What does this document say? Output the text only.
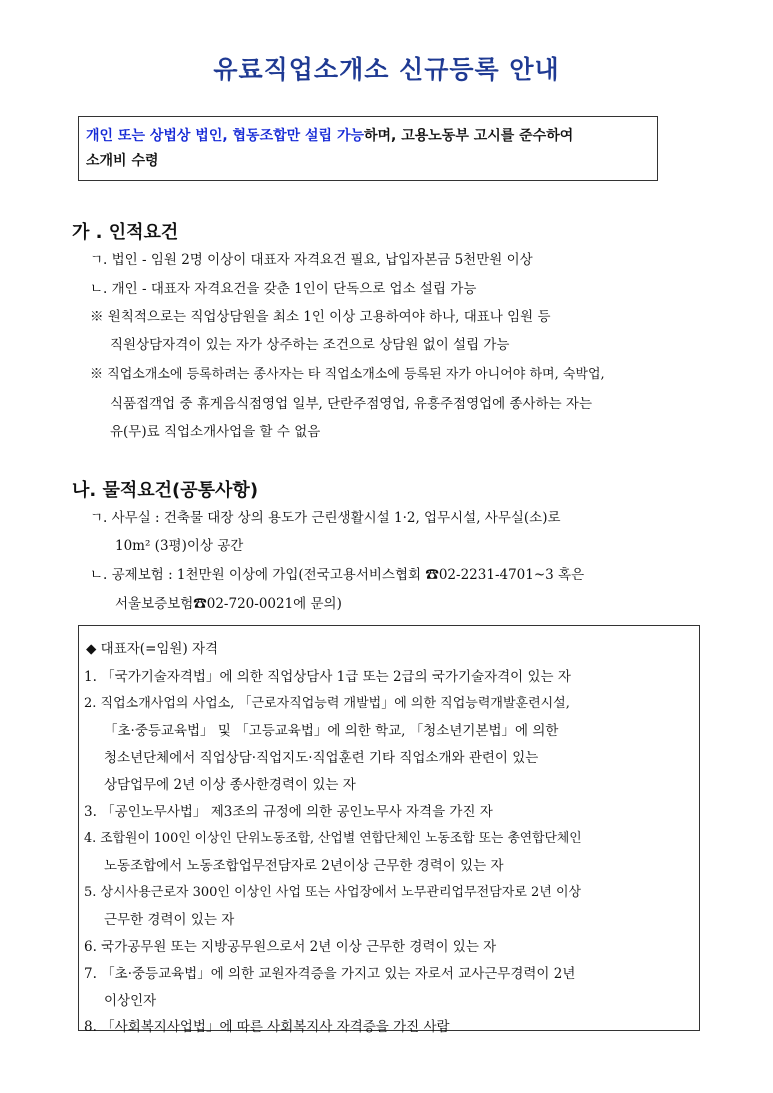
유료직업소개소 신규등록 안내
개인 또는 상법상 법인, 협동조합만 설립 가능하며, 고용노동부 고시를 준수하여
소개비 수령
가 . 인적요건
ㄱ. 법인 - 임원 2명 이상이 대표자 자격요건 필요, 납입자본금 5천만원 이상
ㄴ. 개인 - 대표자 자격요건을 갖춘 1인이 단독으로 업소 설립 가능
※ 원칙적으로는 직업상담원을 최소 1인 이상 고용하여야 하나, 대표나 임원 등
직원상담자격이 있는 자가 상주하는 조건으로 상담원 없이 설립 가능
※ 직업소개소에 등록하려는 종사자는 타 직업소개소에 등록된 자가 아니어야 하며, 숙박업,
식품접객업 중 휴게음식점영업 일부, 단란주점영업, 유흥주점영업에 종사하는 자는
유(무)료 직업소개사업을 할 수 없음
나. 물적요건(공통사항)
ㄱ. 사무실 : 건축물 대장 상의 용도가 근린생활시설 1·2, 업무시설, 사무실(소)로
10m² (3평)이상 공간
ㄴ. 공제보험 : 1천만원 이상에 가입(전국고용서비스협회 ☎02-2231-4701~3 혹은
서울보증보험☎02-720-0021에 문의)
◆ 대표자(=임원) 자격
1. 「국가기술자격법」에 의한 직업상담사 1급 또는 2급의 국가기술자격이 있는 자
2. 직업소개사업의 사업소, 「근로자직업능력 개발법」에 의한 직업능력개발훈련시설,
「초·중등교육법」 및 「고등교육법」에 의한 학교, 「청소년기본법」에 의한
청소년단체에서 직업상담·직업지도·직업훈련 기타 직업소개와 관련이 있는
상담업무에 2년 이상 종사한경력이 있는 자
3. 「공인노무사법」 제3조의 규정에 의한 공인노무사 자격을 가진 자
4. 조합원이 100인 이상인 단위노동조합, 산업별 연합단체인 노동조합 또는 총연합단체인
노동조합에서 노동조합업무전담자로 2년이상 근무한 경력이 있는 자
5. 상시사용근로자 300인 이상인 사업 또는 사업장에서 노무관리업무전담자로 2년 이상
근무한 경력이 있는 자
6. 국가공무원 또는 지방공무원으로서 2년 이상 근무한 경력이 있는 자
7. 「초·중등교육법」에 의한 교원자격증을 가지고 있는 자로서 교사근무경력이 2년
이상인자
8. 「사회복지사업법」에 따른 사회복지사 자격증을 가진 사람
